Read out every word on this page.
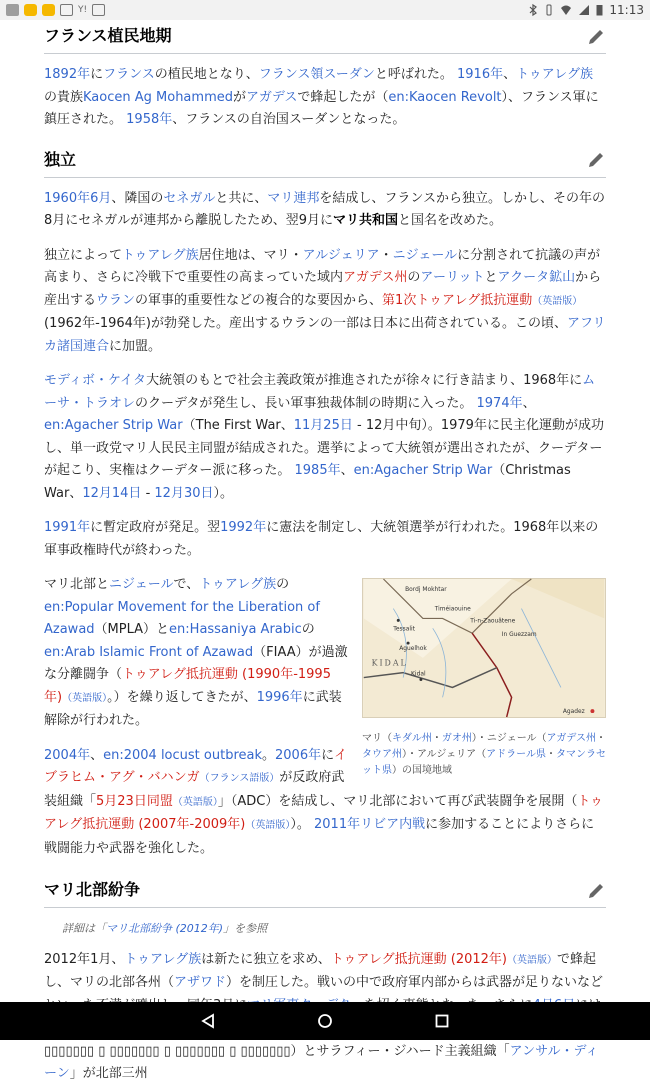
Y!	11:13
フランス植民地期

1892年にフランスの植民地となり、フランス領スーダンと呼ばれた。 1916年、トゥアレグ族の貴族Kaocen Ag Mohammedがアガデスで蜂起したが（en:Kaocen Revolt）、フランス軍に鎮圧された。 1958年、フランスの自治国スーダンとなった。

独立

1960年6月、隣国のセネガルと共に、マリ連邦を結成し、フランスから独立。しかし、その年の8月にセネガルが連邦から離脱したため、翌9月にマリ共和国と国名を改めた。

独立によってトゥアレグ族居住地は、マリ・アルジェリア・ニジェールに分割されて抗議の声が高まり、さらに冷戦下で重要性の高まっていた域内アガデス州のアーリットとアクータ鉱山から産出するウランの軍事的重要性などの複合的な要因から、第1次トゥアレグ抵抗運動（英語版）(1962年-1964年)が勃発した。産出するウランの一部は日本に出荷されている。この頃、アフリカ諸国連合に加盟。

モディボ・ケイタ大統領のもとで社会主義政策が推進されたが徐々に行き詰まり、1968年にムーサ・トラオレのクーデタが発生し、長い軍事独裁体制の時期に入った。 1974年、en:Agacher Strip War（The First War、11月25日 - 12月中旬）。1979年に民主化運動が成功し、単一政党マリ人民民主同盟が結成された。選挙によって大統領が選出されたが、クーデターが起こり、実権はクーデター派に移った。 1985年、en:Agacher Strip War（Christmas War、12月14日 - 12月30日）。

1991年に暫定政府が発足。翌1992年に憲法を制定し、大統領選挙が行われた。1968年以来の軍事政権時代が終わった。

Bordj Mokhtar
Timéiaouine
Ti-n-Zaouâtene
In Guezzam
Tessalit
Aguelhok
KIDAL
Kidal
Agadez
マリ（キダル州・ガオ州）・ニジェール（アガデス州・タウア州）・アルジェリア（アドラール県・タマンラセット県）の国境地域

マリ北部とニジェールで、トゥアレグ族のen:Popular Movement for the Liberation of Azawad（MPLA）とen:Hassaniya Arabicのen:Arab Islamic Front of Azawad（FIAA）が過激な分離闘争（トゥアレグ抵抗運動 (1990年-1995年)（英語版）。）を繰り返してきたが、1996年に武装解除が行われた。

2004年、en:2004 locust outbreak。2006年にイブラヒム・アグ・バハンガ（フランス語版）が反政府武装組織「5月23日同盟（英語版）」（ADC）を結成し、マリ北部において再び武装闘争を展開（トゥアレグ抵抗運動 (2007年-2009年)（英語版））。 2011年リビア内戦に参加することによりさらに戦闘能力や武器を強化した。

マリ北部紛争
詳細は「マリ北部紛争 (2012年)」を参照

2012年1月、トゥアレグ族は新たに独立を求め、トゥアレグ抵抗運動 (2012年)（英語版）で蜂起し、マリの北部各州（アザワド）を制圧した。戦いの中で政府軍内部からは武器が足りないなど ▯▯▯▯▯▯▯ ▯ ▯▯▯▯▯▯▯ ▯ ▯▯▯▯▯▯▯ ▯ ▯▯▯▯▯▯▯）とサラフィー・ジハード主義組織「アンサル・ディーン」が北部三州
